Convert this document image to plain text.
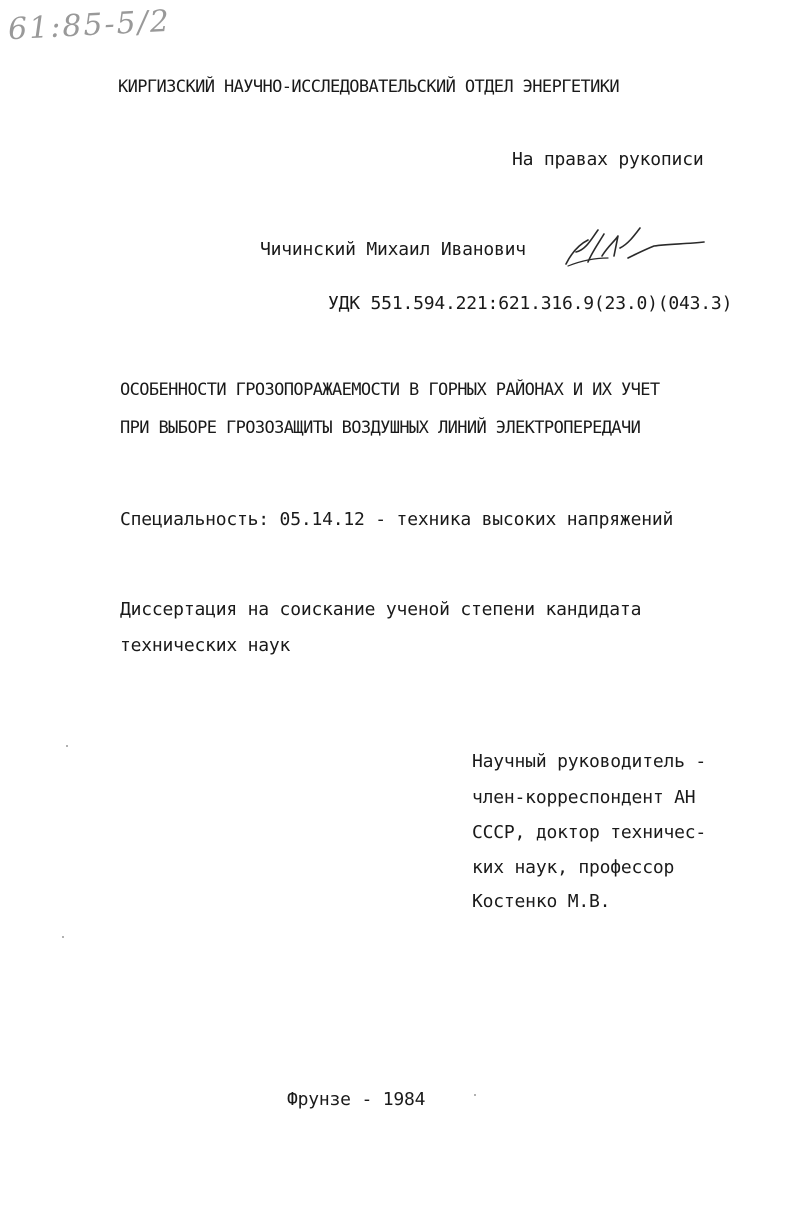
61:85-5/2
КИРГИЗСКИЙ НАУЧНО-ИССЛЕДОВАТЕЛЬСКИЙ ОТДЕЛ ЭНЕРГЕТИКИ
На правах рукописи
Чичинский Михаил Иванович
УДК 551.594.221:621.316.9(23.0)(043.3)
ОСОБЕННОСТИ ГРОЗОПОРАЖАЕМОСТИ В ГОРНЫХ РАЙОНАХ И ИХ УЧЕТ
ПРИ ВЫБОРЕ ГРОЗОЗАЩИТЫ ВОЗДУШНЫХ ЛИНИЙ ЭЛЕКТРОПЕРЕДАЧИ
Специальность: 05.14.12 - техника высоких напряжений
Диссертация на соискание ученой степени кандидата
технических наук
Научный руководитель -
член-корреспондент АН
СССР, доктор техничес-
ких наук, профессор
Костенко М.В.
Фрунзе - 1984
